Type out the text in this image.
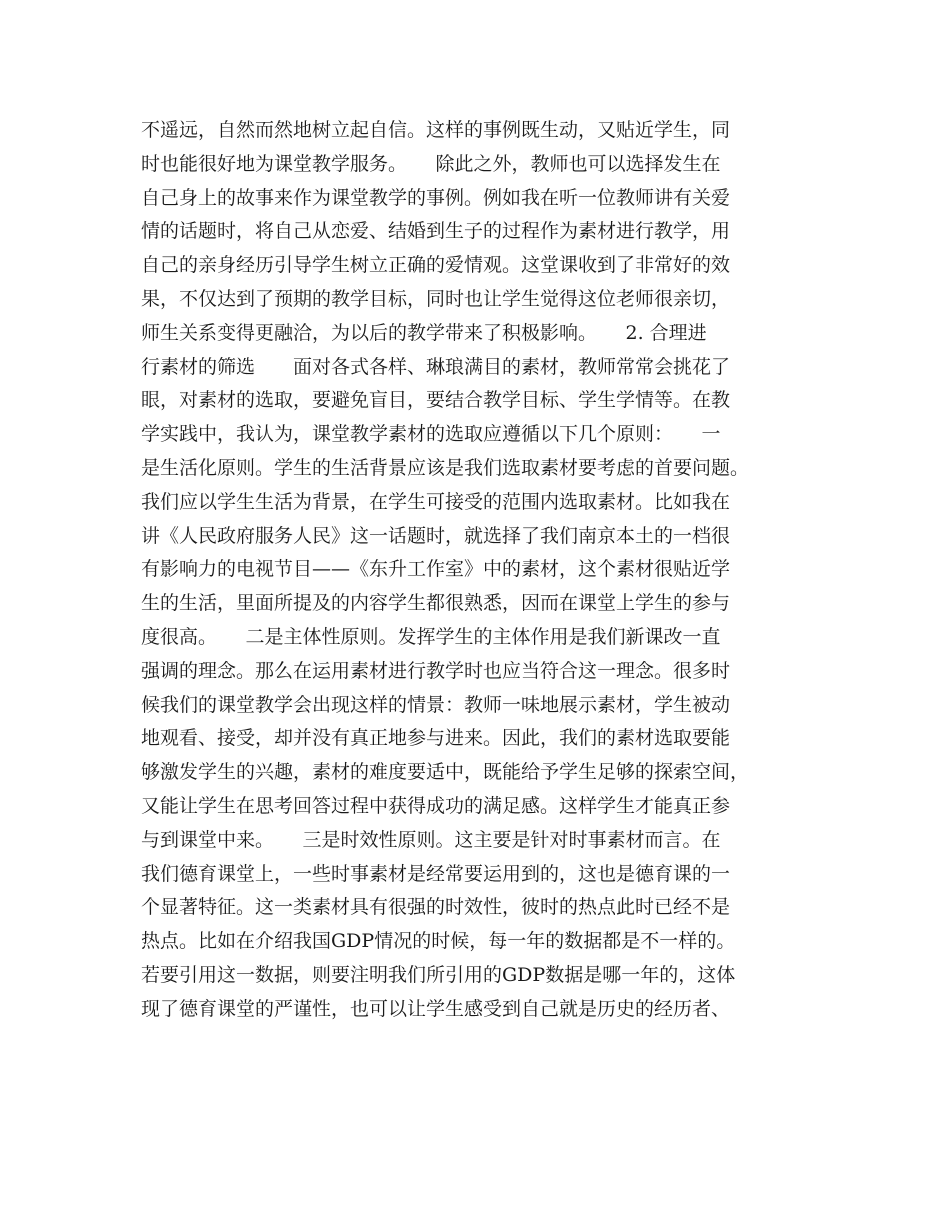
不遥远，自然而然地树立起自信。这样的事例既生动，又贴近学生，同
时也能很好地为课堂教学服务。　　除此之外，教师也可以选择发生在
自己身上的故事来作为课堂教学的事例。例如我在听一位教师讲有关爱
情的话题时，将自己从恋爱、结婚到生子的过程作为素材进行教学，用
自己的亲身经历引导学生树立正确的爱情观。这堂课收到了非常好的效
果，不仅达到了预期的教学目标，同时也让学生觉得这位老师很亲切，
师生关系变得更融洽，为以后的教学带来了积极影响。　　2. 合理进
行素材的筛选　　面对各式各样、琳琅满目的素材，教师常常会挑花了
眼，对素材的选取，要避免盲目，要结合教学目标、学生学情等。在教
学实践中，我认为，课堂教学素材的选取应遵循以下几个原则：　　一
是生活化原则。学生的生活背景应该是我们选取素材要考虑的首要问题。
我们应以学生生活为背景，在学生可接受的范围内选取素材。比如我在
讲《人民政府服务人民》这一话题时，就选择了我们南京本土的一档很
有影响力的电视节目——《东升工作室》中的素材，这个素材很贴近学
生的生活，里面所提及的内容学生都很熟悉，因而在课堂上学生的参与
度很高。　　二是主体性原则。发挥学生的主体作用是我们新课改一直
强调的理念。那么在运用素材进行教学时也应当符合这一理念。很多时
候我们的课堂教学会出现这样的情景：教师一味地展示素材，学生被动
地观看、接受，却并没有真正地参与进来。因此，我们的素材选取要能
够激发学生的兴趣，素材的难度要适中，既能给予学生足够的探索空间，
又能让学生在思考回答过程中获得成功的满足感。这样学生才能真正参
与到课堂中来。　　三是时效性原则。这主要是针对时事素材而言。在
我们德育课堂上，一些时事素材是经常要运用到的，这也是德育课的一
个显著特征。这一类素材具有很强的时效性，彼时的热点此时已经不是
热点。比如在介绍我国GDP情况的时候，每一年的数据都是不一样的。
若要引用这一数据，则要注明我们所引用的GDP数据是哪一年的，这体
现了德育课堂的严谨性，也可以让学生感受到自己就是历史的经历者、
